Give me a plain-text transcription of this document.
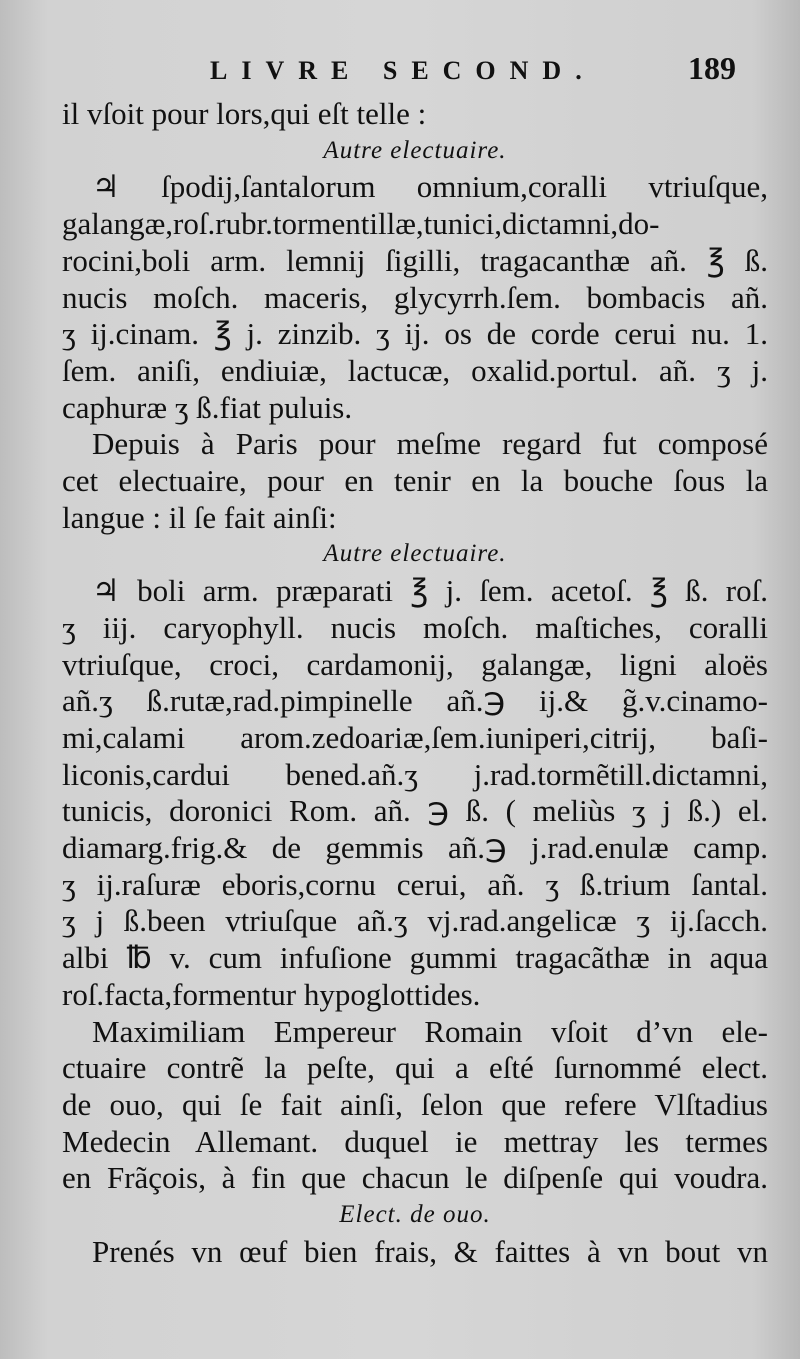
LIVRE SECOND.	189
il vſoit pour lors,qui eſt telle :
Autre electuaire.
♃ ſpodij,ſantalorum omnium,coralli vtriuſque,
galangæ,roſ.rubr.tormentillæ,tunici,dictamni,do-
rocini,boli arm. lemnij ſigilli, tragacanthæ añ. ℥ ß.
nucis moſch. maceris, glycyrrh.ſem. bombacis añ.
ʒ ij.cinam. ℥ j. zinzib. ʒ ij. os de corde cerui nu. 1.
ſem. aniſi, endiuiæ, lactucæ, oxalid.portul. añ. ʒ j.
caphuræ ʒ ß.fiat puluis.
Depuis à Paris pour meſme regard fut composé
cet electuaire, pour en tenir en la bouche ſous la
langue : il ſe fait ainſi:
Autre electuaire.
♃ boli arm. præparati ℥ j. ſem. acetoſ. ℥ ß. roſ.
ʒ iij. caryophyll. nucis moſch. maſtiches, coralli
vtriuſque, croci, cardamonij, galangæ, ligni aloës
añ.ʒ ß.rutæ,rad.pimpinelle añ.℈ ij.& g̃.v.cinamo-
mi,calami arom.zedoariæ,ſem.iuniperi,citrij, baſi-
liconis,cardui bened.añ.ʒ j.rad.tormẽtill.dictamni,
tunicis, doronici Rom. añ. ℈ ß. ( meliùs ʒ j ß.) el.
diamarg.frig.& de gemmis añ.℈ j.rad.enulæ camp.
ʒ ij.raſuræ eboris,cornu cerui, añ. ʒ ß.trium ſantal.
ʒ j ß.been vtriuſque añ.ʒ vj.rad.angelicæ ʒ ij.ſacch.
albi ℔ v. cum infuſione gummi tragacãthæ in aqua
roſ.facta,formentur hypoglottides.
Maximiliam Empereur Romain vſoit d’vn ele-
ctuaire contrẽ la peſte, qui a eſté ſurnommé elect.
de ouo, qui ſe fait ainſi, ſelon que refere Vlſtadius
Medecin Allemant. duquel ie mettray les termes
en Frãçois, à fin que chacun le diſpenſe qui voudra.
Elect. de ouo.
Prenés vn œuf bien frais, & faittes à vn bout vn
